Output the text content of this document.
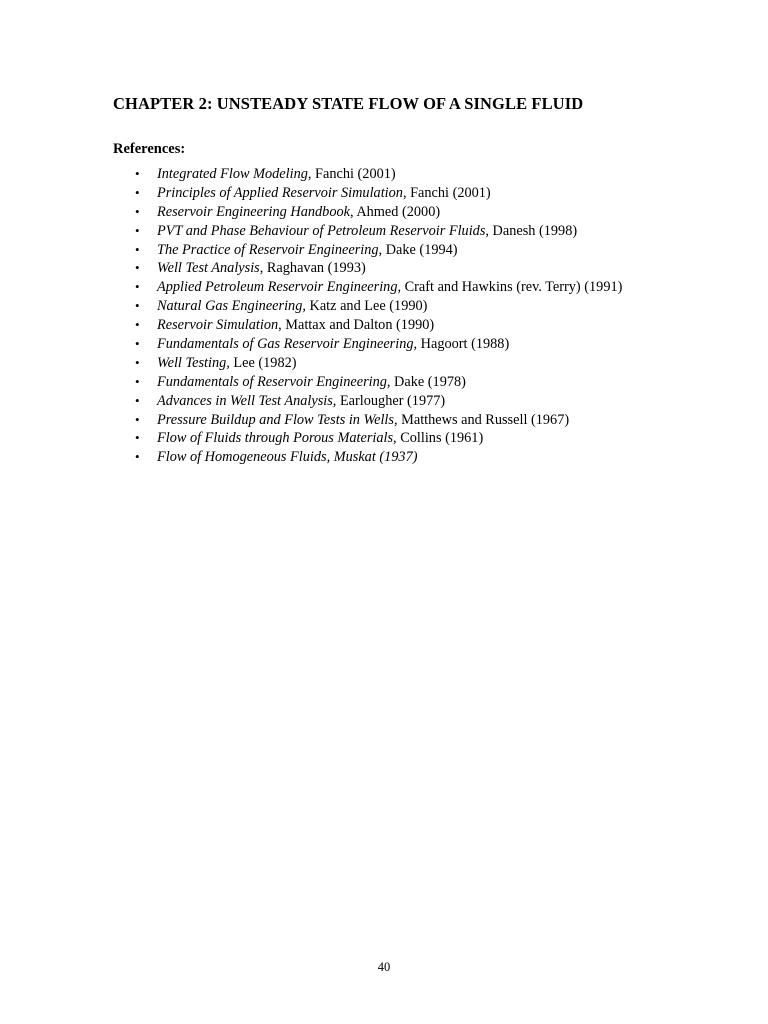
CHAPTER 2: UNSTEADY STATE FLOW OF A SINGLE FLUID

References:

• Integrated Flow Modeling, Fanchi (2001)
• Principles of Applied Reservoir Simulation, Fanchi (2001)
• Reservoir Engineering Handbook, Ahmed (2000)
• PVT and Phase Behaviour of Petroleum Reservoir Fluids, Danesh (1998)
• The Practice of Reservoir Engineering, Dake (1994)
• Well Test Analysis, Raghavan (1993)
• Applied Petroleum Reservoir Engineering, Craft and Hawkins (rev. Terry) (1991)
• Natural Gas Engineering, Katz and Lee (1990)
• Reservoir Simulation, Mattax and Dalton (1990)
• Fundamentals of Gas Reservoir Engineering, Hagoort (1988)
• Well Testing, Lee (1982)
• Fundamentals of Reservoir Engineering, Dake (1978)
• Advances in Well Test Analysis, Earlougher (1977)
• Pressure Buildup and Flow Tests in Wells, Matthews and Russell (1967)
• Flow of Fluids through Porous Materials, Collins (1961)
• Flow of Homogeneous Fluids, Muskat (1937)
40
